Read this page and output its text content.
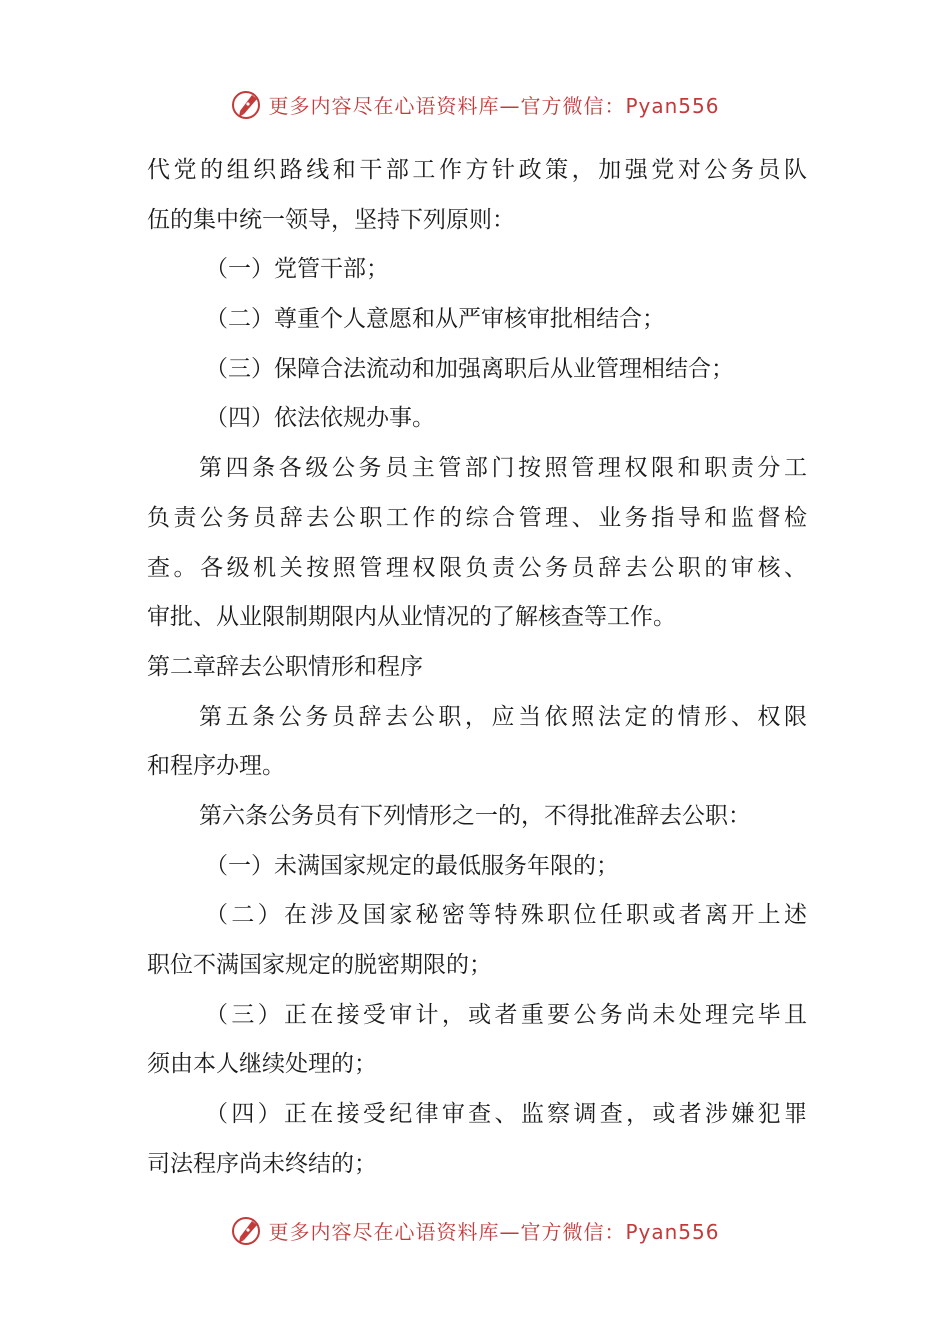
更多内容尽在心语资料库—官方微信：Pyan556
代党的组织路线和干部工作方针政策，加强党对公务员队
伍的集中统一领导，坚持下列原则：
（一）党管干部；
（二）尊重个人意愿和从严审核审批相结合；
（三）保障合法流动和加强离职后从业管理相结合；
（四）依法依规办事。
第四条各级公务员主管部门按照管理权限和职责分工
负责公务员辞去公职工作的综合管理、业务指导和监督检
查。各级机关按照管理权限负责公务员辞去公职的审核、
审批、从业限制期限内从业情况的了解核查等工作。
第二章辞去公职情形和程序
第五条公务员辞去公职，应当依照法定的情形、权限
和程序办理。
第六条公务员有下列情形之一的，不得批准辞去公职：
（一）未满国家规定的最低服务年限的；
（二）在涉及国家秘密等特殊职位任职或者离开上述
职位不满国家规定的脱密期限的；
（三）正在接受审计，或者重要公务尚未处理完毕且
须由本人继续处理的；
（四）正在接受纪律审查、监察调查，或者涉嫌犯罪
司法程序尚未终结的；
更多内容尽在心语资料库—官方微信：Pyan556
